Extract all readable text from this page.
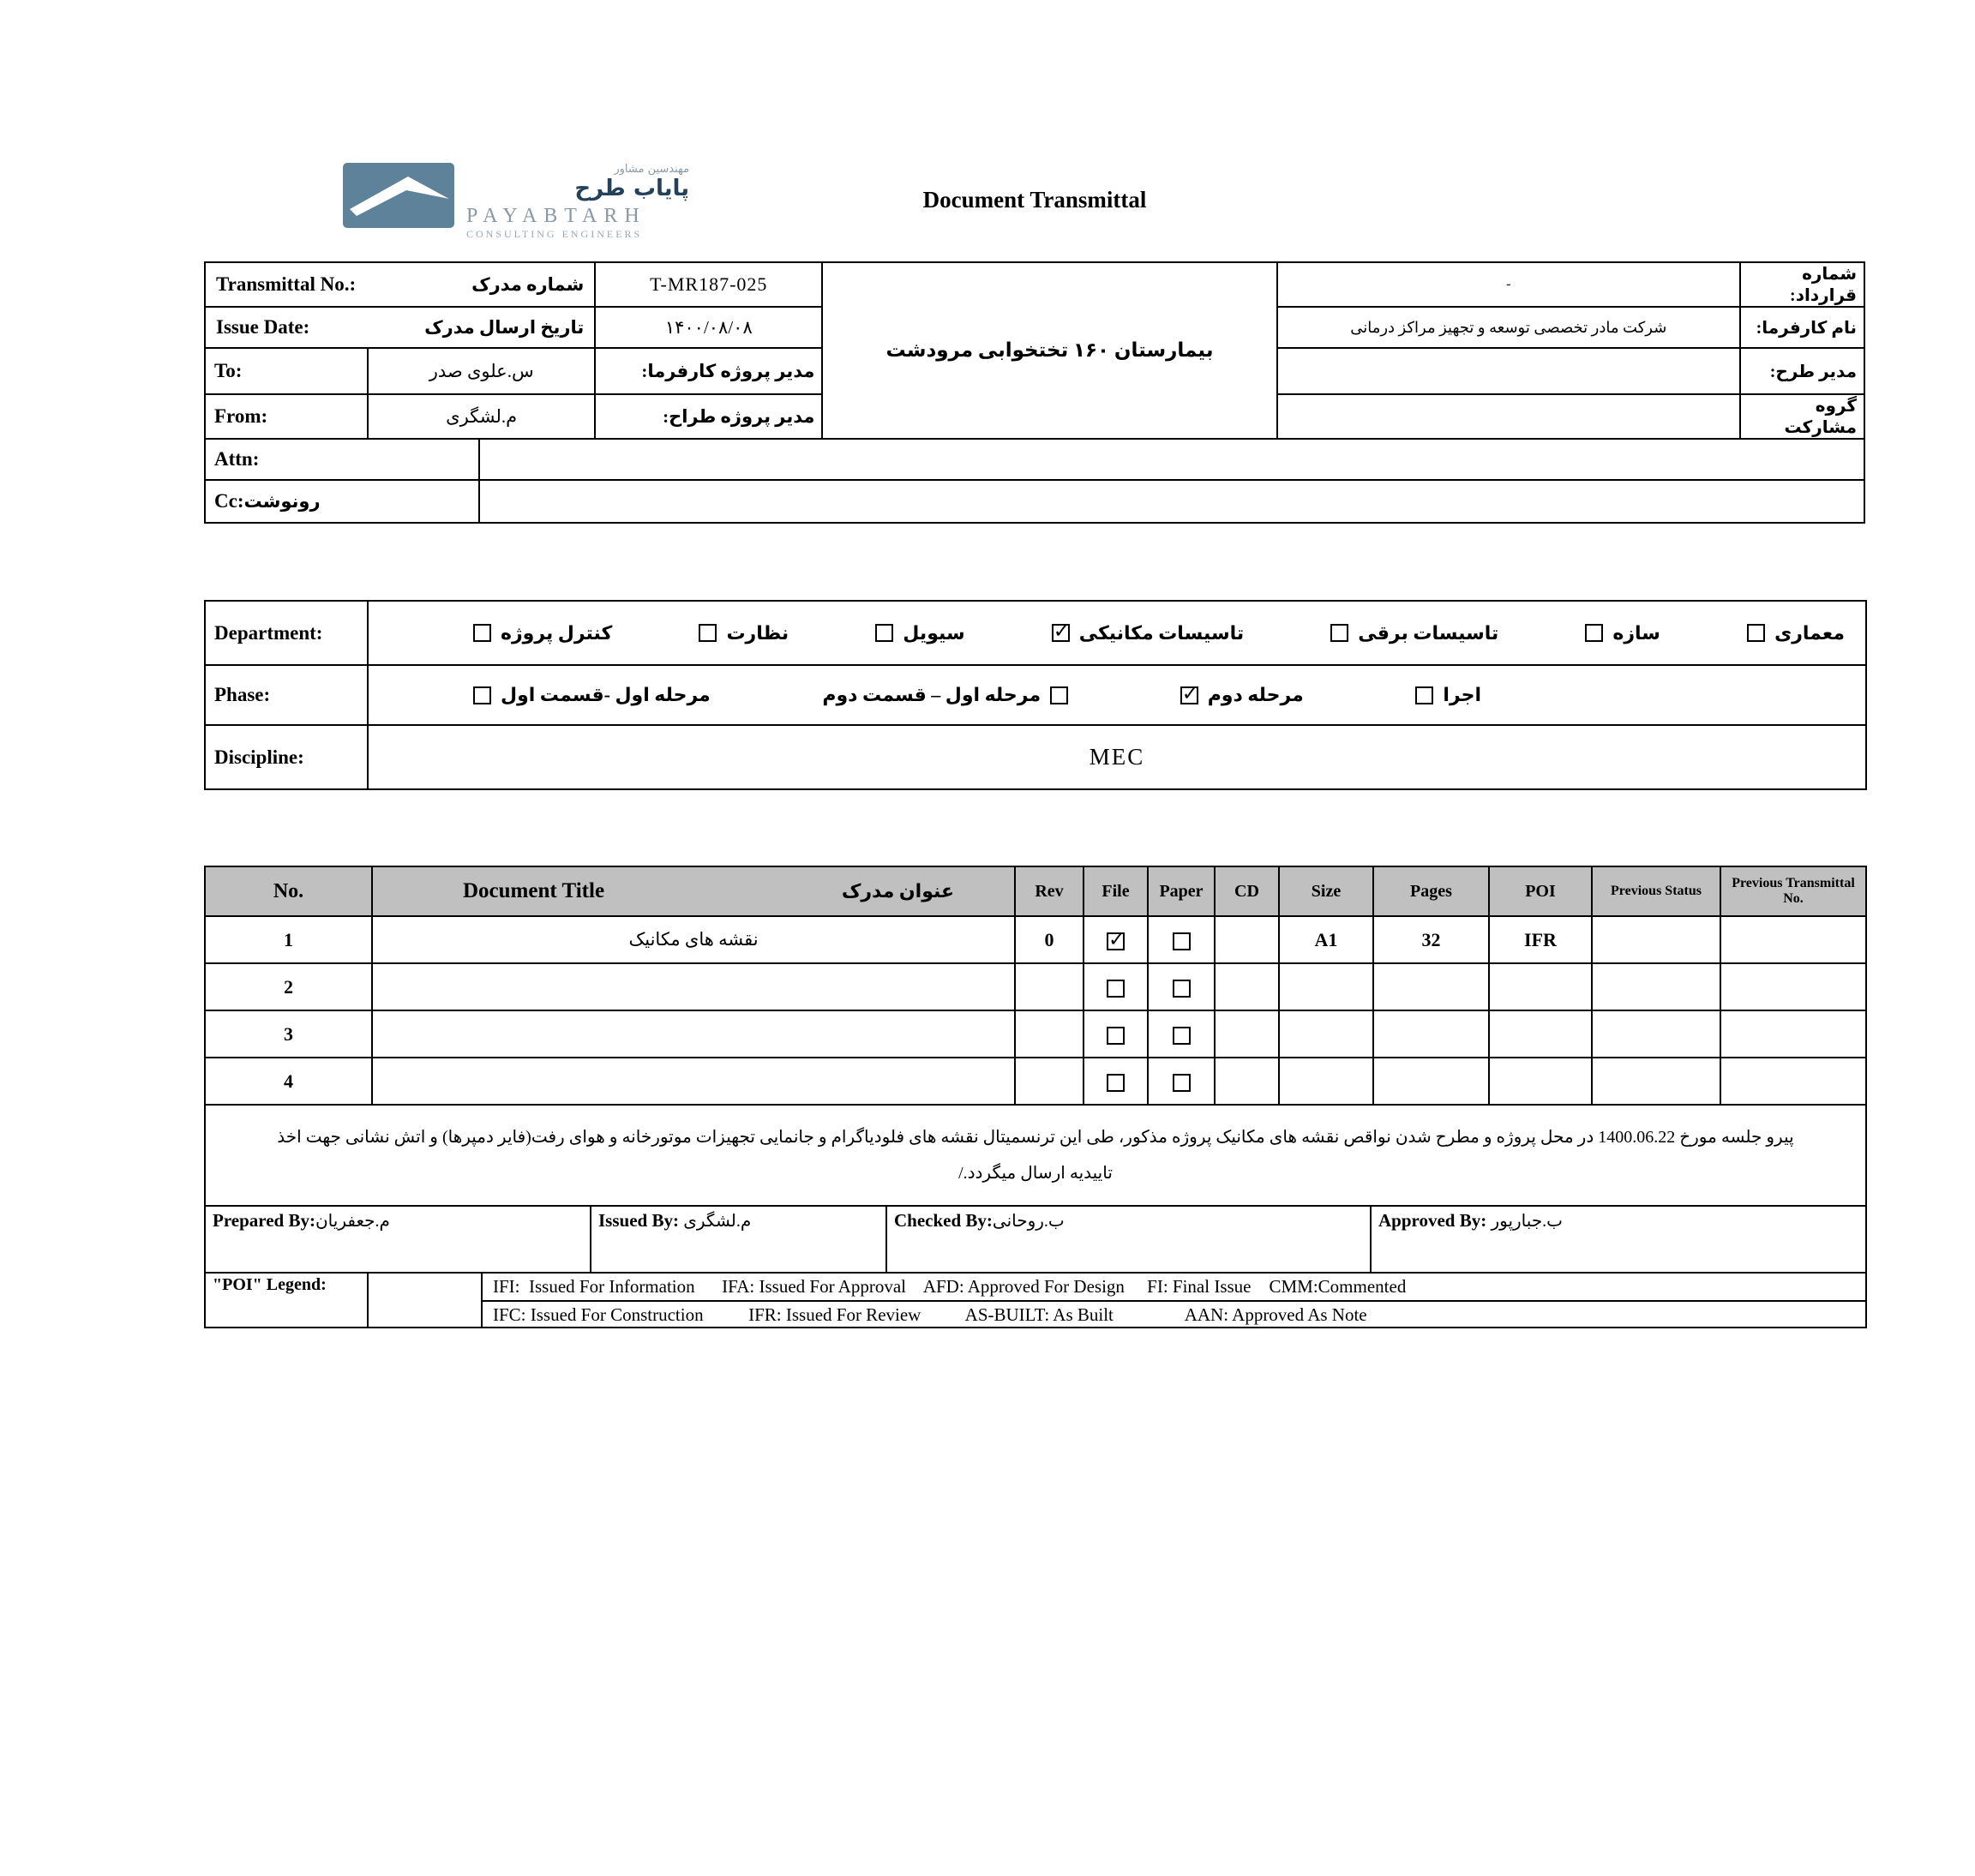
مهندسین مشاور
پایاب طرح
PAYABTARH
CONSULTING ENGINEERS
Document Transmittal
Transmittal No.: شماره مدرک			T-MR187-025	بیمارستان ۱۶۰ تختخوابی مرودشت	-	شماره قرارداد:

Issue Date: تاریخ ارسال مدرک			۱۴۰۰/۰۸/۰۸		شرکت مادر تخصصی توسعه و تجهیز مراکز درمانی	نام کارفرما:
To:	س.علوی صدر		مدیر پروژه کارفرما:			مدیر طرح:
From:	م.لشگری		مدیر پروژه طراح:			گروه مشارکت
Attn:						
Cc:رونوشت						
Department:	کنترل پروژه	نظارت	سیویل	تاسیسات مکانیکی ✓	تاسیسات برقی	سازه	معماری

Phase:	مرحله اول -قسمت اول مرحله اول – قسمت دوم مرحله دوم ✓ اجرا

Discipline:	MEC
No.	Document Title عنوان مدرک	Rev	File	Paper	CD	Size	Pages	POI	Previous Status	Previous Transmittal No.
1	نقشه های مکانیک	0	✓			A1	32	IFR		
2										
3										
4										

پیرو جلسه مورخ 1400.06.22 در محل پروژه و مطرح شدن نواقص نقشه های مکانیک پروژه مذکور، طی این ترنسمیتال نقشه های فلودیاگرام و جانمایی تجهیزات موتورخانه و هوای رفت(فایر دمپرها) و اتش نشانی جهت اخذ تاییدیه ارسال میگردد./										

Prepared By:م.جعفریان Issued By: م.لشگری Checked By:ب.روحانی Approved By: ب.جبارپور										

"POI" Legend: IFI:  Issued For Information      IFA: Issued For Approval    AFD: Approved For Design     FI: Final Issue    CMM:Commented
IFC: Issued For Construction          IFR: Issued For Review          AS-BUILT: As Built                AAN: Approved As Note										
